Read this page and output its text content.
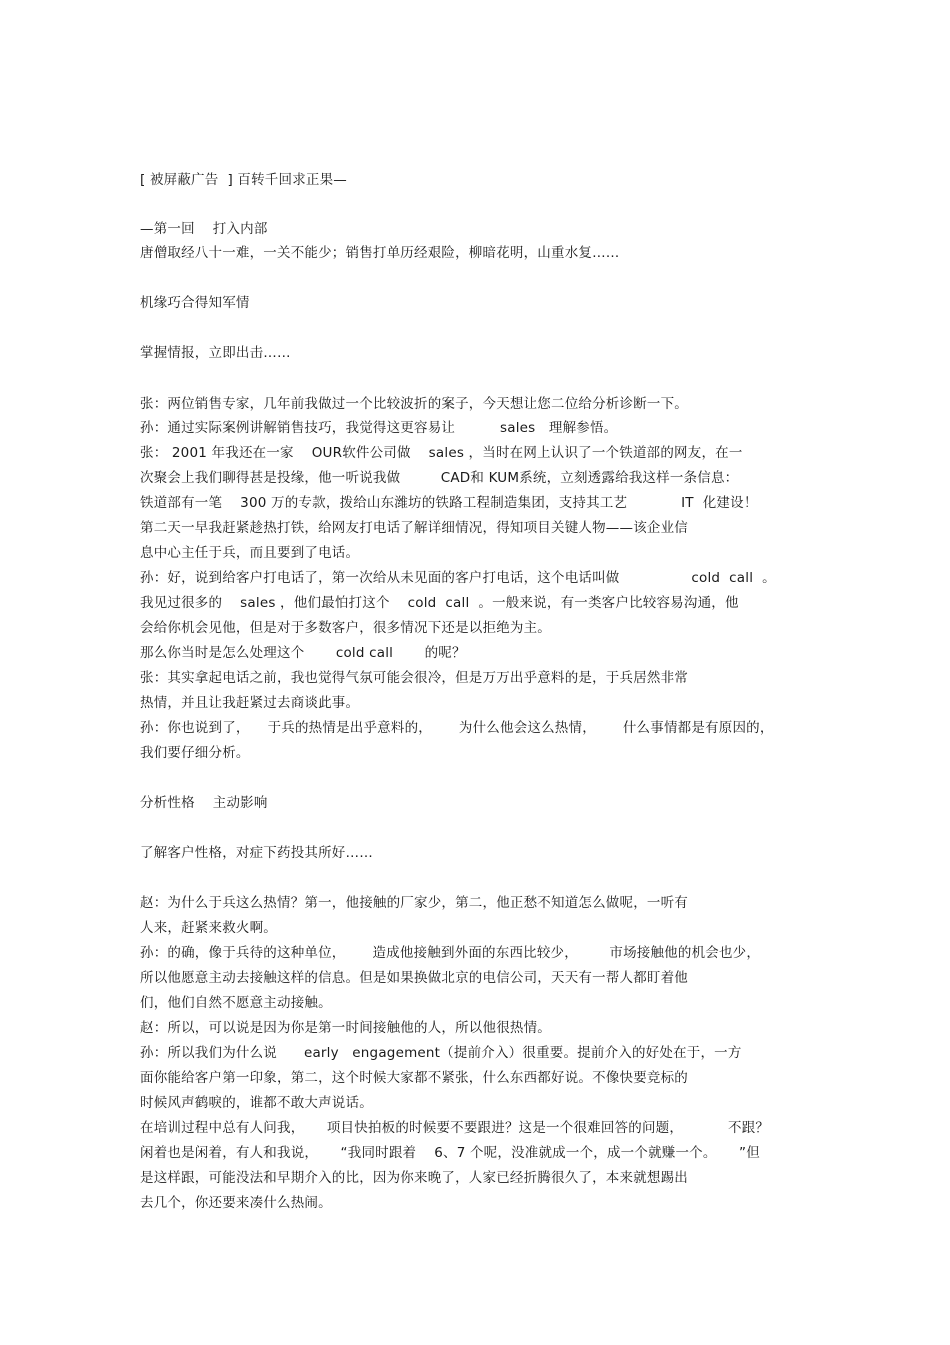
[ 被屏蔽广告  ] 百转千回求正果—
—第一回    打入内部
唐僧取经八十一难，一关不能少；销售打单历经艰险，柳暗花明，山重水复……
机缘巧合得知军情
掌握情报，立即出击……
张：两位销售专家，几年前我做过一个比较波折的案子，今天想让您二位给分析诊断一下。
孙：通过实际案例讲解销售技巧，我觉得这更容易让          sales   理解参悟。
张： 2001 年我还在一家    OUR软件公司做    sales ，当时在网上认识了一个铁道部的网友，在一
次聚会上我们聊得甚是投缘，他一听说我做         CAD和 KUM系统，立刻透露给我这样一条信息：
铁道部有一笔    300 万的专款，拨给山东潍坊的铁路工程制造集团，支持其工艺            IT  化建设！
第二天一早我赶紧趁热打铁，给网友打电话了解详细情况，得知项目关键人物——该企业信
息中心主任于兵，而且要到了电话。
孙：好，说到给客户打电话了，第一次给从未见面的客户打电话，这个电话叫做                cold  call  。
我见过很多的    sales ，他们最怕打这个    cold  call  。一般来说，有一类客户比较容易沟通，他
会给你机会见他，但是对于多数客户，很多情况下还是以拒绝为主。
那么你当时是怎么处理这个       cold call       的呢？
张：其实拿起电话之前，我也觉得气氛可能会很冷，但是万万出乎意料的是，于兵居然非常
热情，并且让我赶紧过去商谈此事。
孙：你也说到了，    于兵的热情是出乎意料的，      为什么他会这么热情，      什么事情都是有原因的，
我们要仔细分析。
分析性格    主动影响
了解客户性格，对症下药投其所好……
赵：为什么于兵这么热情？第一，他接触的厂家少，第二，他正愁不知道怎么做呢，一听有
人来，赶紧来救火啊。
孙：的确，像于兵待的这种单位，      造成他接触到外面的东西比较少，       市场接触他的机会也少，
所以他愿意主动去接触这样的信息。但是如果换做北京的电信公司，天天有一帮人都盯着他
们，他们自然不愿意主动接触。
赵：所以，可以说是因为你是第一时间接触他的人，所以他很热情。
孙：所以我们为什么说      early   engagement（提前介入）很重要。提前介入的好处在于，一方
面你能给客户第一印象，第二，这个时候大家都不紧张，什么东西都好说。不像快要竞标的
时候风声鹤唳的，谁都不敢大声说话。
在培训过程中总有人问我，     项目快拍板的时候要不要跟进？这是一个很难回答的问题，          不跟？
闲着也是闲着，有人和我说，     “我同时跟着    6、7 个呢，没准就成一个，成一个就赚一个。     ”但
是这样跟，可能没法和早期介入的比，因为你来晚了，人家已经折腾很久了，本来就想踢出
去几个，你还要来凑什么热闹。
